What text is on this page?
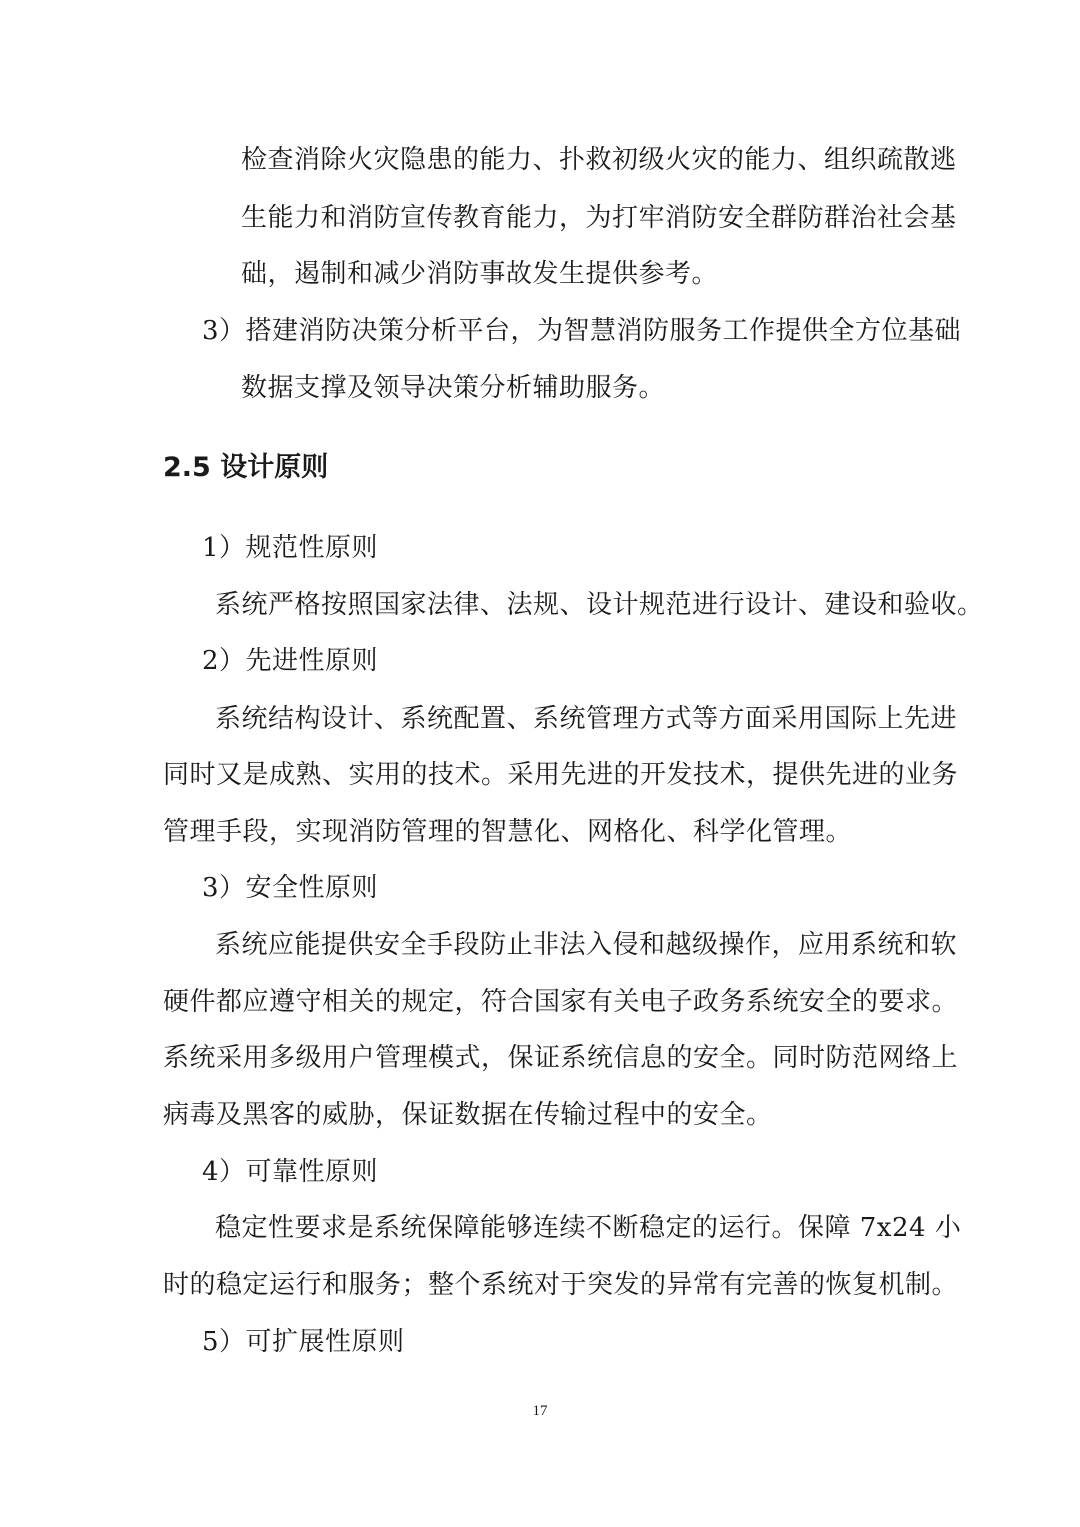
检查消除火灾隐患的能力、扑救初级火灾的能力、组织疏散逃
生能力和消防宣传教育能力，为打牢消防安全群防群治社会基
础，遏制和减少消防事故发生提供参考。
3）搭建消防决策分析平台，为智慧消防服务工作提供全方位基础
数据支撑及领导决策分析辅助服务。
2.5 设计原则
1）规范性原则
系统严格按照国家法律、法规、设计规范进行设计、建设和验收。
2）先进性原则
系统结构设计、系统配置、系统管理方式等方面采用国际上先进
同时又是成熟、实用的技术。采用先进的开发技术，提供先进的业务
管理手段，实现消防管理的智慧化、网格化、科学化管理。
3）安全性原则
系统应能提供安全手段防止非法入侵和越级操作，应用系统和软
硬件都应遵守相关的规定，符合国家有关电子政务系统安全的要求。
系统采用多级用户管理模式，保证系统信息的安全。同时防范网络上
病毒及黑客的威胁，保证数据在传输过程中的安全。
4）可靠性原则
稳定性要求是系统保障能够连续不断稳定的运行。保障 7x24 小
时的稳定运行和服务；整个系统对于突发的异常有完善的恢复机制。
5）可扩展性原则
17
